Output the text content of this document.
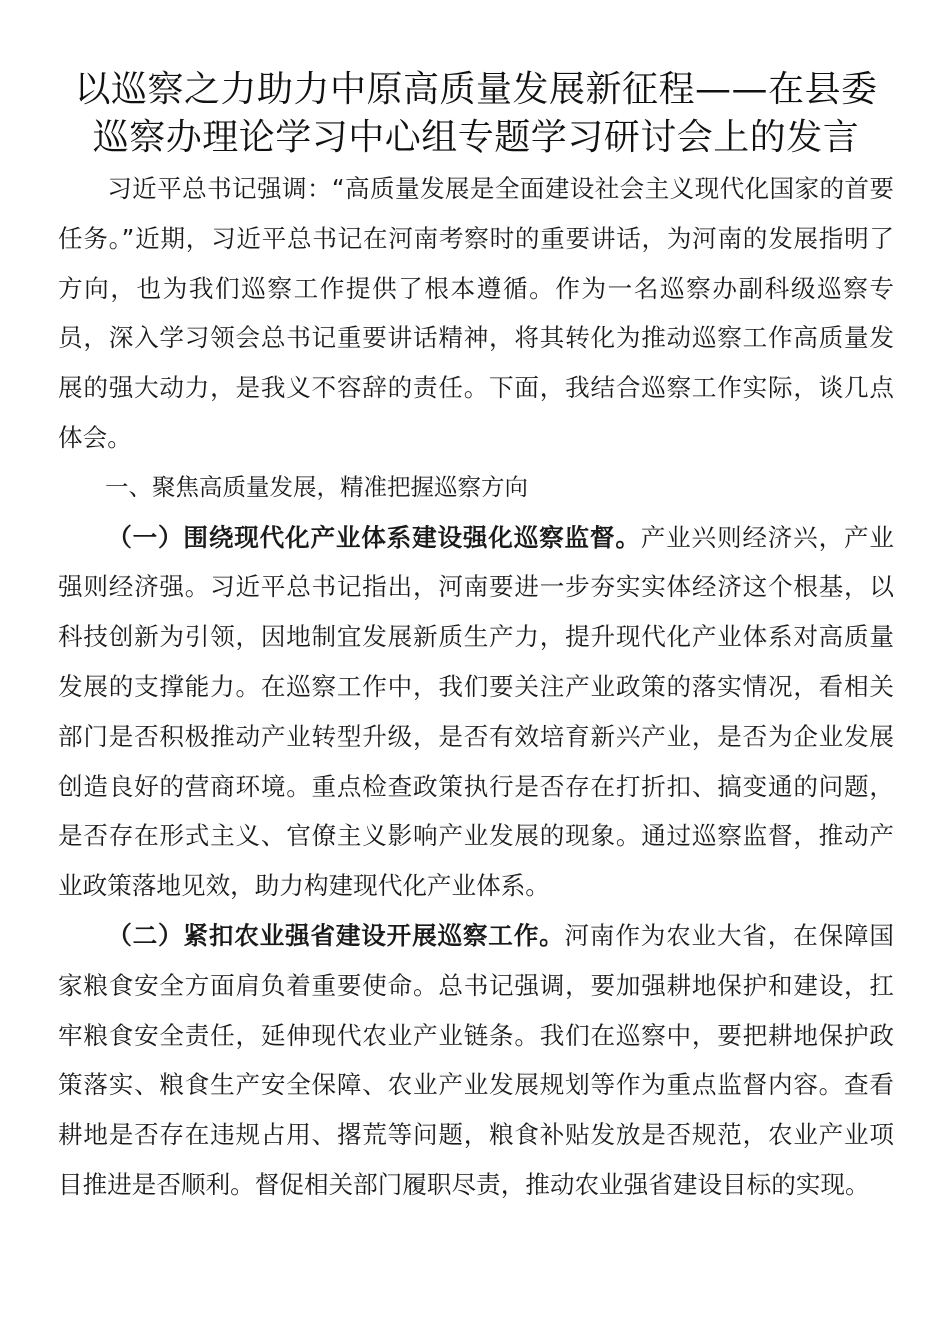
以巡察之力助力中原高质量发展新征程——在县委巡察办理论学习中心组专题学习研讨会上的发言

习近平总书记强调：“高质量发展是全面建设社会主义现代化国家的首要任务。”近期，习近平总书记在河南考察时的重要讲话，为河南的发展指明了方向，也为我们巡察工作提供了根本遵循。作为一名巡察办副科级巡察专员，深入学习领会总书记重要讲话精神，将其转化为推动巡察工作高质量发展的强大动力，是我义不容辞的责任。下面，我结合巡察工作实际，谈几点体会。

一、聚焦高质量发展，精准把握巡察方向

（一）围绕现代化产业体系建设强化巡察监督。产业兴则经济兴，产业强则经济强。习近平总书记指出，河南要进一步夯实实体经济这个根基，以科技创新为引领，因地制宜发展新质生产力，提升现代化产业体系对高质量发展的支撑能力。在巡察工作中，我们要关注产业政策的落实情况，看相关部门是否积极推动产业转型升级，是否有效培育新兴产业，是否为企业发展创造良好的营商环境。重点检查政策执行是否存在打折扣、搞变通的问题，是否存在形式主义、官僚主义影响产业发展的现象。通过巡察监督，推动产业政策落地见效，助力构建现代化产业体系。

（二）紧扣农业强省建设开展巡察工作。河南作为农业大省，在保障国家粮食安全方面肩负着重要使命。总书记强调，要加强耕地保护和建设，扛牢粮食安全责任，延伸现代农业产业链条。我们在巡察中，要把耕地保护政策落实、粮食生产安全保障、农业产业发展规划等作为重点监督内容。查看耕地是否存在违规占用、撂荒等问题，粮食补贴发放是否规范，农业产业项目推进是否顺利。督促相关部门履职尽责，推动农业强省建设目标的实现。
